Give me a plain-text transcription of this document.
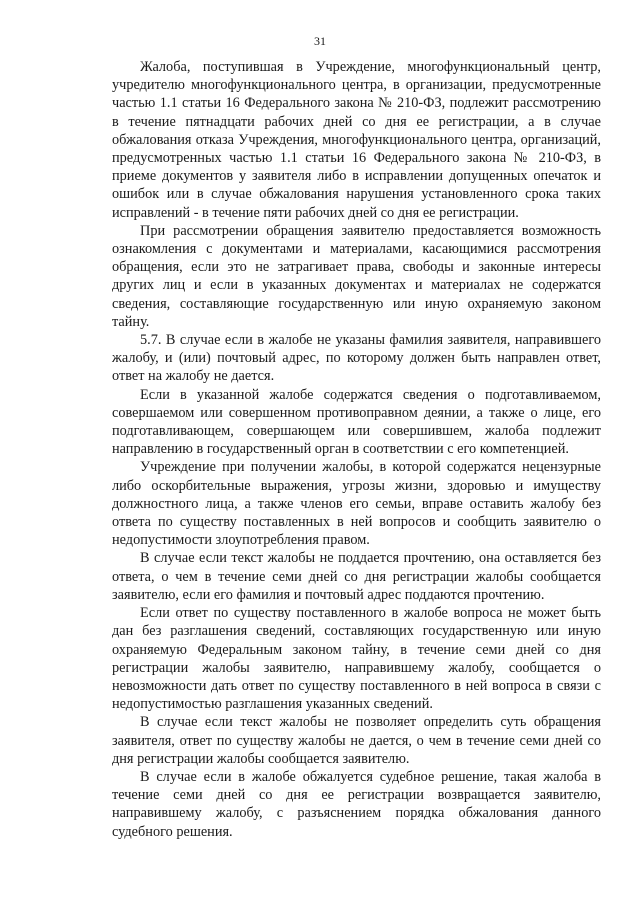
31

Жалоба, поступившая в Учреждение, многофункциональный центр, учредителю многофункционального центра, в организации, предусмотренные частью 1.1 статьи 16 Федерального закона № 210-ФЗ, подлежит рассмотрению в течение пятнадцати рабочих дней со дня ее регистрации, а в случае обжалования отказа Учреждения, многофункционального центра, организаций, предусмотренных частью 1.1 статьи 16 Федерального закона № 210-ФЗ, в приеме документов у заявителя либо в исправлении допущенных опечаток и ошибок или в случае обжалования нарушения установленного срока таких исправлений - в течение пяти рабочих дней со дня ее регистрации.

При рассмотрении обращения заявителю предоставляется возможность ознакомления с документами и материалами, касающимися рассмотрения обращения, если это не затрагивает права, свободы и законные интересы других лиц и если в указанных документах и материалах не содержатся сведения, составляющие государственную или иную охраняемую законом тайну.

5.7. В случае если в жалобе не указаны фамилия заявителя, направившего жалобу, и (или) почтовый адрес, по которому должен быть направлен ответ, ответ на жалобу не дается.

Если в указанной жалобе содержатся сведения о подготавливаемом, совершаемом или совершенном противоправном деянии, а также о лице, его подготавливающем, совершающем или совершившем, жалоба подлежит направлению в государственный орган в соответствии с его компетенцией.

Учреждение при получении жалобы, в которой содержатся нецензурные либо оскорбительные выражения, угрозы жизни, здоровью и имуществу должностного лица, а также членов его семьи, вправе оставить жалобу без ответа по существу поставленных в ней вопросов и сообщить заявителю о недопустимости злоупотребления правом.

В случае если текст жалобы не поддается прочтению, она оставляется без ответа, о чем в течение семи дней со дня регистрации жалобы сообщается заявителю, если его фамилия и почтовый адрес поддаются прочтению.

Если ответ по существу поставленного в жалобе вопроса не может быть дан без разглашения сведений, составляющих государственную или иную охраняемую Федеральным законом тайну, в течение семи дней со дня регистрации жалобы заявителю, направившему жалобу, сообщается о невозможности дать ответ по существу поставленного в ней вопроса в связи с недопустимостью разглашения указанных сведений.

В случае если текст жалобы не позволяет определить суть обращения заявителя, ответ по существу жалобы не дается, о чем в течение семи дней со дня регистрации жалобы сообщается заявителю.

В случае если в жалобе обжалуется судебное решение, такая жалоба в течение семи дней со дня ее регистрации возвращается заявителю, направившему жалобу, с разъяснением порядка обжалования данного судебного решения.
